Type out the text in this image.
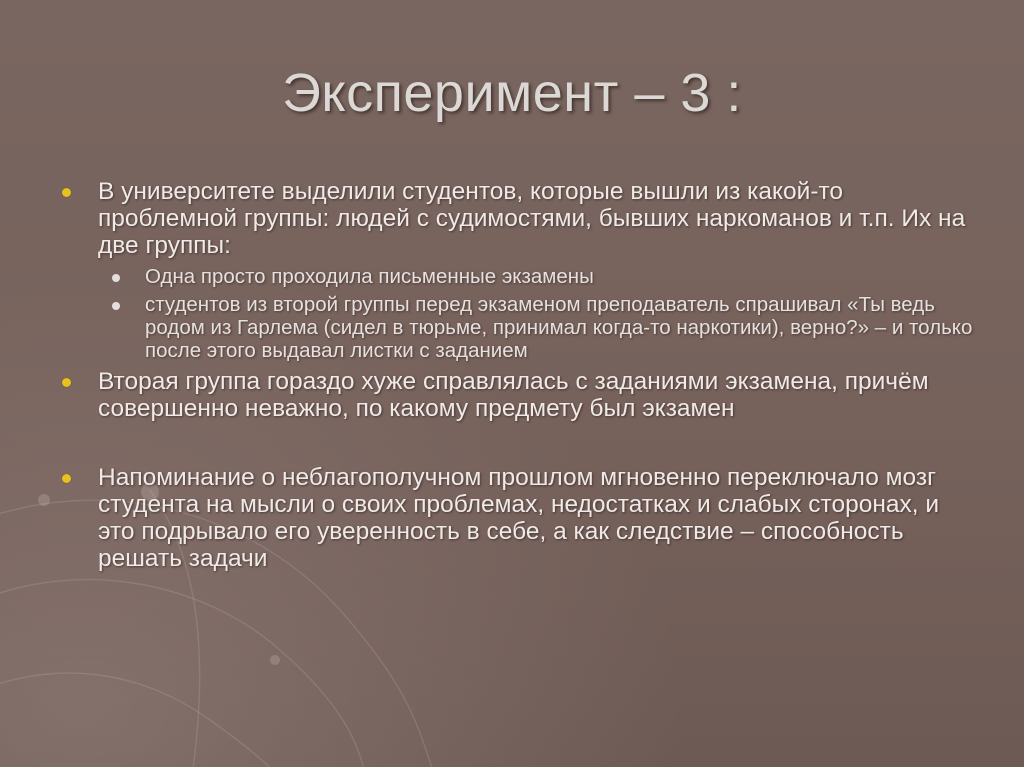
Эксперимент – 3 :
В университете выделили студентов, которые вышли из какой-то проблемной группы: людей с судимостями, бывших наркоманов и т.п. Их на две группы:
Одна просто проходила письменные экзамены
студентов из второй группы перед экзаменом преподаватель спрашивал «Ты ведь родом из Гарлема (сидел в тюрьме, принимал когда-то наркотики), верно?» – и только после этого выдавал листки с заданием
Вторая группа гораздо хуже справлялась с заданиями экзамена, причём совершенно неважно, по какому предмету был экзамен
Напоминание о неблагополучном прошлом мгновенно переключало мозг студента на мысли о своих проблемах, недостатках и слабых сторонах, и это подрывало его уверенность в себе, а как следствие – способность решать задачи
